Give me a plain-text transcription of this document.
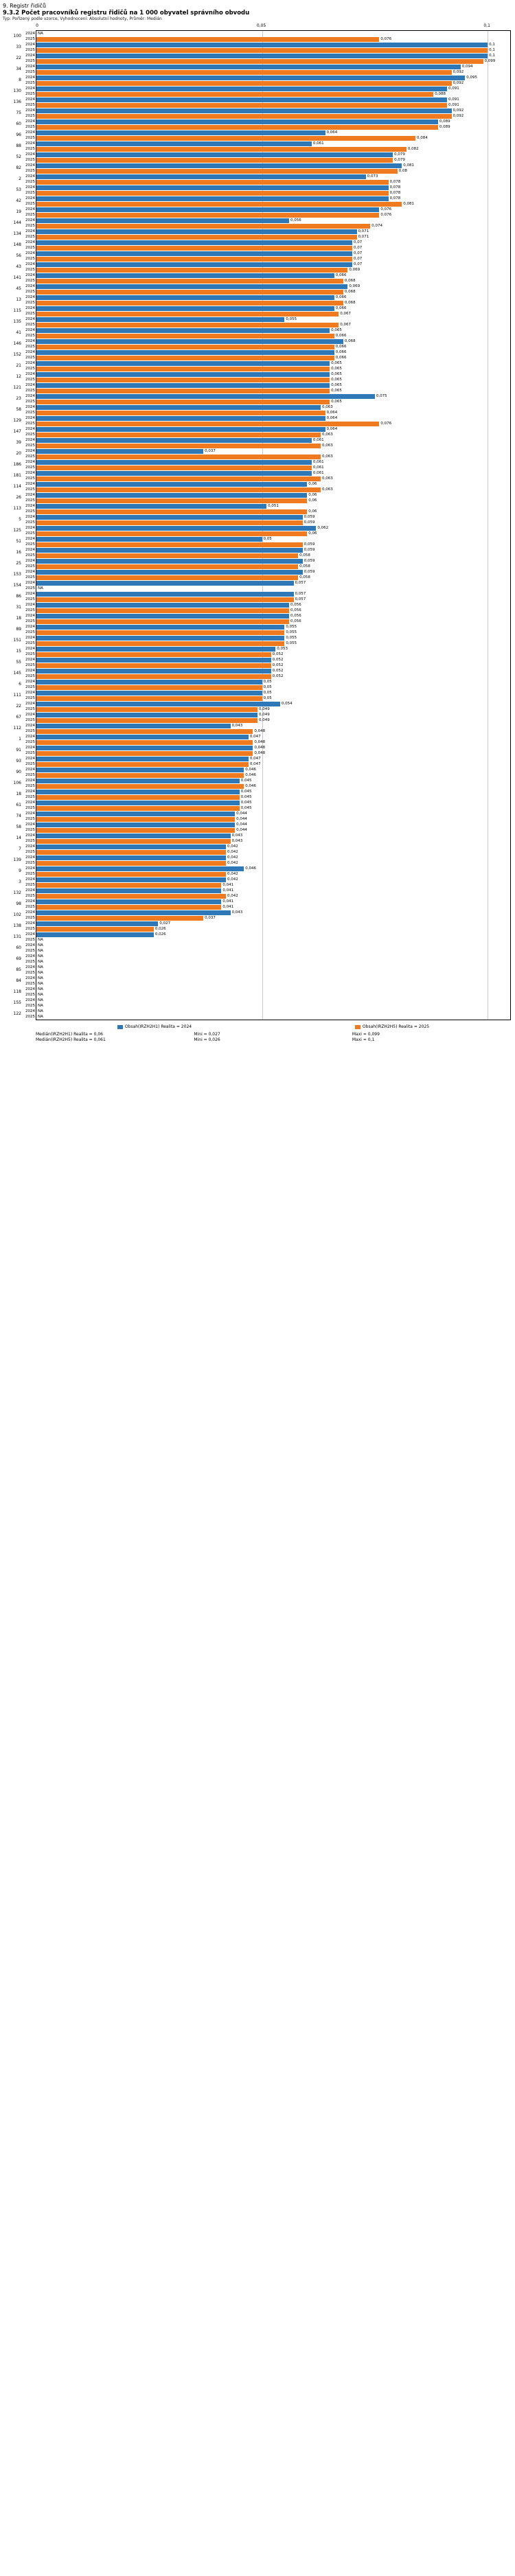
9. Registr řidičů
9.3.2 Počet pracovníků registru řidičů na 1 000 obyvatel správního obvodu
Typ: Pořízený podle vzorce, Vyhodnocení: Absolutní hodnoty, Průměr: Medián
0	0,05	0,1
100	2024 NA
2025	0,076
33	2024	0,1
2025	0,1
22	2024	0,1
2025	0,099
34	2024	0,094
2025	0,092
8	2024	0,095
2025	0,092
130	2024	0,091
2025	0,088
136	2024	0,091
2025	0,091
75	2024	0,092
2025	0,092
60	2024	0,089
2025	0,089
96	2024	0,064
2025	0,084
88	2024	0,061
2025	0,082
52	2024	0,079
2025	0,079
82	2024	0,081
2025	0,08
2	2024	0,073
2025	0,078
53	2024	0,078
2025	0,078
42	2024	0,078
2025	0,081
19	2024	0,076
2025	0,076
144	2024	0,056
2025	0,074
134	2024	0,071
2025	0,071
148	2024	0,07
2025	0,07
56	2024	0,07
2025	0,07
43	2024	0,07
2025	0,069
141	2024	0,066
2025	0,068
45	2024	0,069
2025	0,068
13	2024	0,066
2025	0,068
115	2024	0,066
2025	0,067
135	2024	0,055
2025	0,067
41	2024	0,065
2025	0,066
146	2024	0,068
2025	0,066
152	2024	0,066
2025	0,066
21	2024	0,065
2025	0,065
12	2024	0,065
2025	0,065
121	2024	0,065
2025	0,065
23	2024	0,075
2025	0,065
58	2024	0,063
2025	0,064
129	2024	0,064
2025	0,076
147	2024	0,064
2025	0,063
39	2024	0,061
2025	0,063
20	2024	0,037
2025	0,063
186	2024	0,061
2025	0,061
181	2024	0,061
2025	0,063
114	2024	0,06
2025	0,063
26	2024	0,06
2025	0,06
113	2024	0,051
2025	0,06
5	2024	0,059
2025	0,059
125	2024	0,062
2025	0,06
51	2024	0,05
2025	0,059
16	2024	0,059
2025	0,058
25	2024	0,059
2025	0,058
153	2024	0,059
2025	0,058
154	2024	0,057
2025 NA
86	2024	0,057
2025	0,057
31	2024	0,056
2025	0,056
18	2024	0,056
2025	0,056
89	2024	0,055
2025	0,055
151	2024	0,055
2025	0,055
15	2024	0,053
2025	0,052
55	2024	0,052
2025	0,052
145	2024	0,052
2025	0,052
6	2024	0,05
2025	0,05
111	2024	0,05
2025	0,05
22	2024	0,054
2025	0,049
67	2024	0,049
2025	0,049
112	2024	0,043
2025	0,048
1	2024	0,047
2025	0,048
91	2024	0,048
2025	0,048
93	2024	0,047
2025	0,047
90	2024	0,046
2025	0,046
106	2024	0,045
2025	0,046
18	2024	0,045
2025	0,045
61	2024	0,045
2025	0,045
74	2024	0,044
2025	0,044
58	2024	0,044
2025	0,044
14	2024	0,043
2025	0,043
7	2024	0,042
2025	0,042
139	2024	0,042
2025	0,042
9	2024	0,046
2025	0,042
3	2024	0,042
2025	0,041
132	2024	0,041
2025	0,042
98	2024	0,041
2025	0,041
102	2024	0,043
2025	0,037
138	2024	0,027
2025	0,026
131	2024	0,026
2025 NA
60	2024 NA
2025 NA
69	2024 NA
2025 NA
85	2024 NA
2025 NA
84	2024 NA
2025 NA
118	2024 NA
2025 NA
155	2024 NA
2025 NA
122	2024 NA
2025 NA
Obsah(IRZH2H1) Realita = 2024	Obsah(IRZH2H5) Realita = 2025
Medián(IRZH2H1) Realita = 0,06	Mini = 0,027	Maxi = 0,099
Medián(IRZH2H5) Realita = 0,061	Mini = 0,026	Maxi = 0,1
